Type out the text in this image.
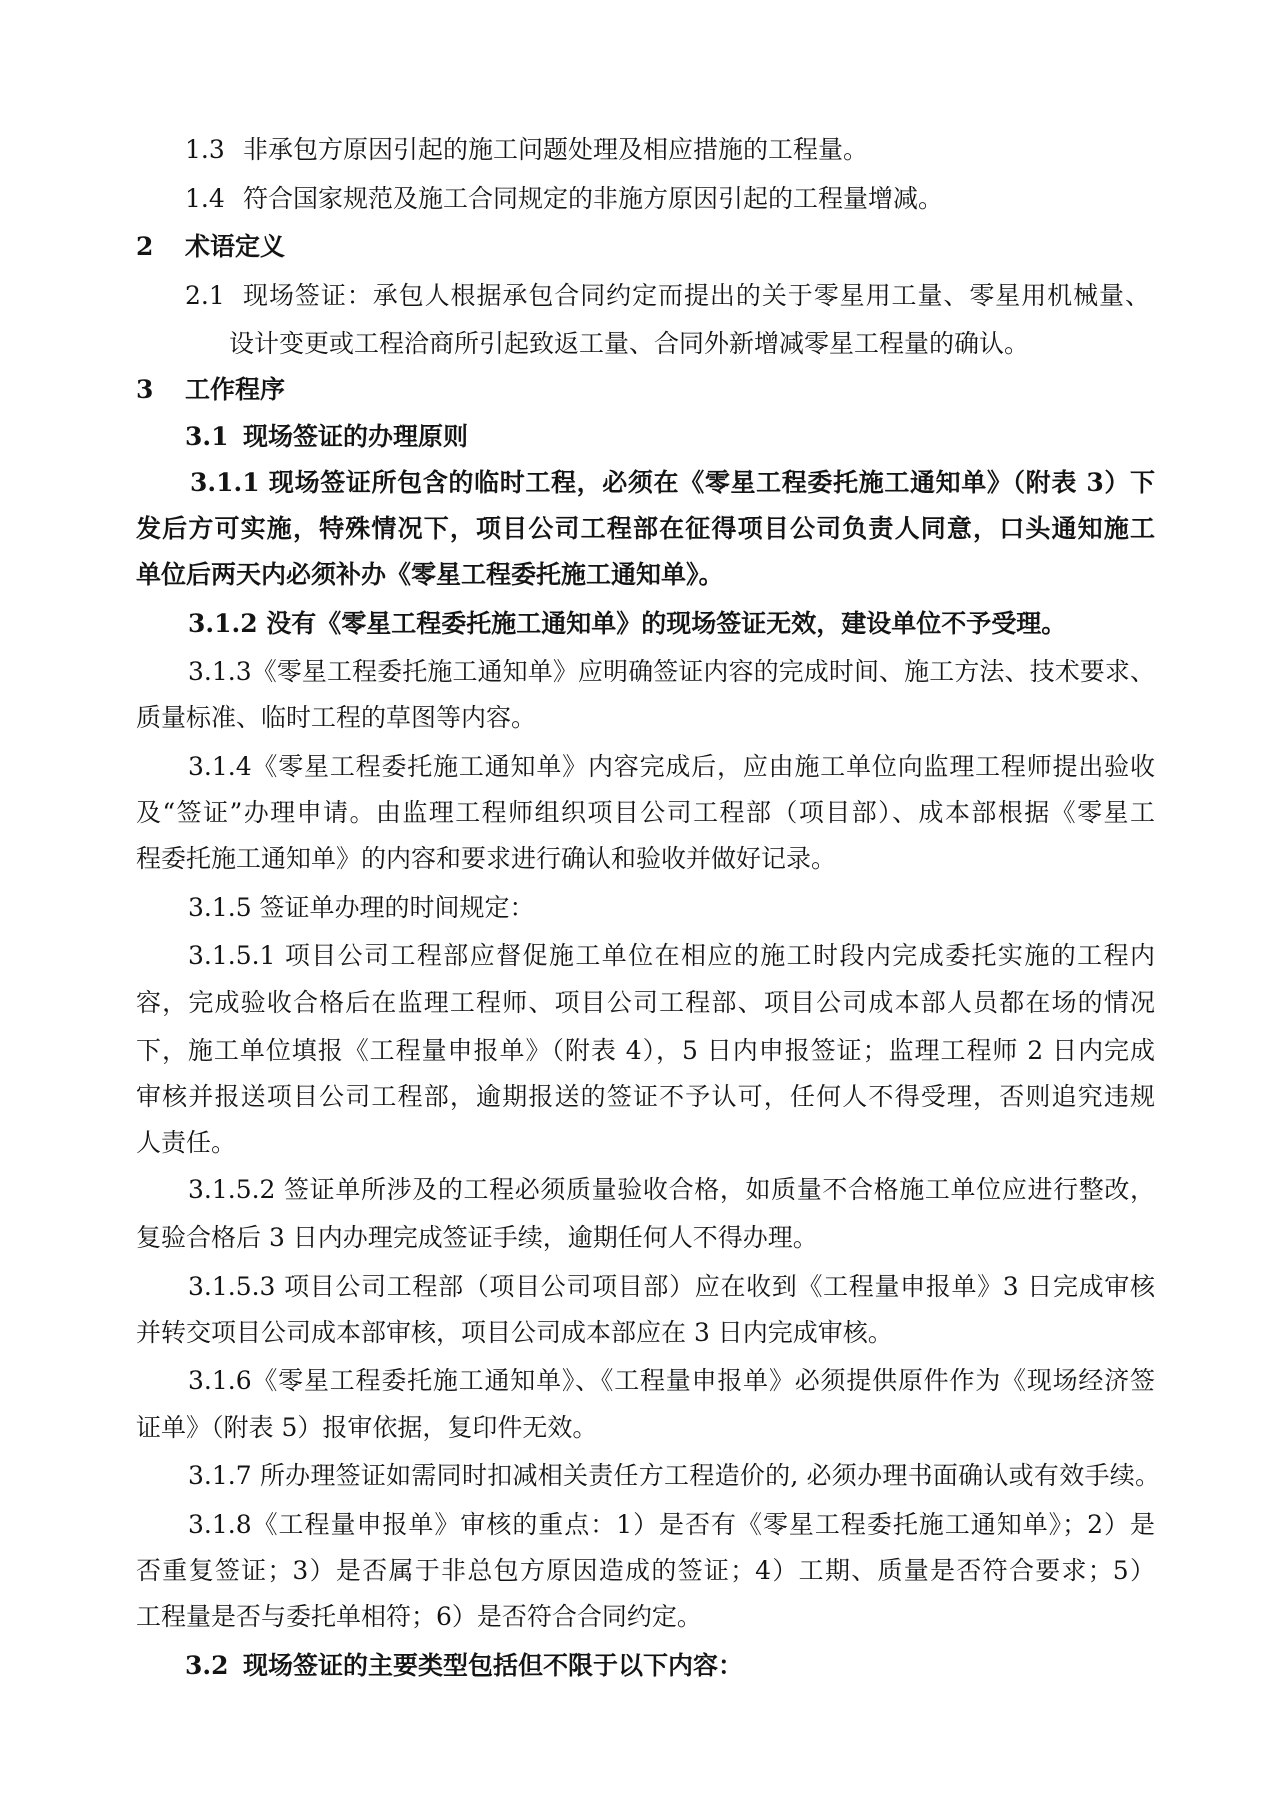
1.3 非承包方原因引起的施工问题处理及相应措施的工程量。
1.4 符合国家规范及施工合同规定的非施方原因引起的工程量增减。
2 术语定义
2.1 现场签证：承包人根据承包合同约定而提出的关于零星用工量、零星用机械量、
设计变更或工程洽商所引起致返工量、合同外新增减零星工程量的确认。
3 工作程序
3.1 现场签证的办理原则
3.1.1 现场签证所包含的临时工程，必须在《零星工程委托施工通知单》（附表 3）下
发后方可实施，特殊情况下，项目公司工程部在征得项目公司负责人同意，口头通知施工
单位后两天内必须补办《零星工程委托施工通知单》。
3.1.2 没有《零星工程委托施工通知单》的现场签证无效，建设单位不予受理。
3.1.3《零星工程委托施工通知单》应明确签证内容的完成时间、施工方法、技术要求、
质量标准、临时工程的草图等内容。
3.1.4《零星工程委托施工通知单》内容完成后，应由施工单位向监理工程师提出验收
及“签证”办理申请。由监理工程师组织项目公司工程部（项目部）、成本部根据《零星工
程委托施工通知单》的内容和要求进行确认和验收并做好记录。
3.1.5 签证单办理的时间规定：
3.1.5.1 项目公司工程部应督促施工单位在相应的施工时段内完成委托实施的工程内
容，完成验收合格后在监理工程师、项目公司工程部、项目公司成本部人员都在场的情况
下，施工单位填报《工程量申报单》（附表 4），5 日内申报签证；监理工程师 2 日内完成
审核并报送项目公司工程部，逾期报送的签证不予认可，任何人不得受理，否则追究违规
人责任。
3.1.5.2 签证单所涉及的工程必须质量验收合格，如质量不合格施工单位应进行整改，
复验合格后 3 日内办理完成签证手续，逾期任何人不得办理。
3.1.5.3 项目公司工程部（项目公司项目部）应在收到《工程量申报单》3 日完成审核
并转交项目公司成本部审核，项目公司成本部应在 3 日内完成审核。
3.1.6《零星工程委托施工通知单》、《工程量申报单》必须提供原件作为《现场经济签
证单》（附表 5）报审依据，复印件无效。
3.1.7 所办理签证如需同时扣减相关责任方工程造价的, 必须办理书面确认或有效手续。
3.1.8《工程量申报单》审核的重点：1）是否有《零星工程委托施工通知单》；2）是
否重复签证；3）是否属于非总包方原因造成的签证；4）工期、质量是否符合要求；5）
工程量是否与委托单相符；6）是否符合合同约定。
3.2 现场签证的主要类型包括但不限于以下内容：
